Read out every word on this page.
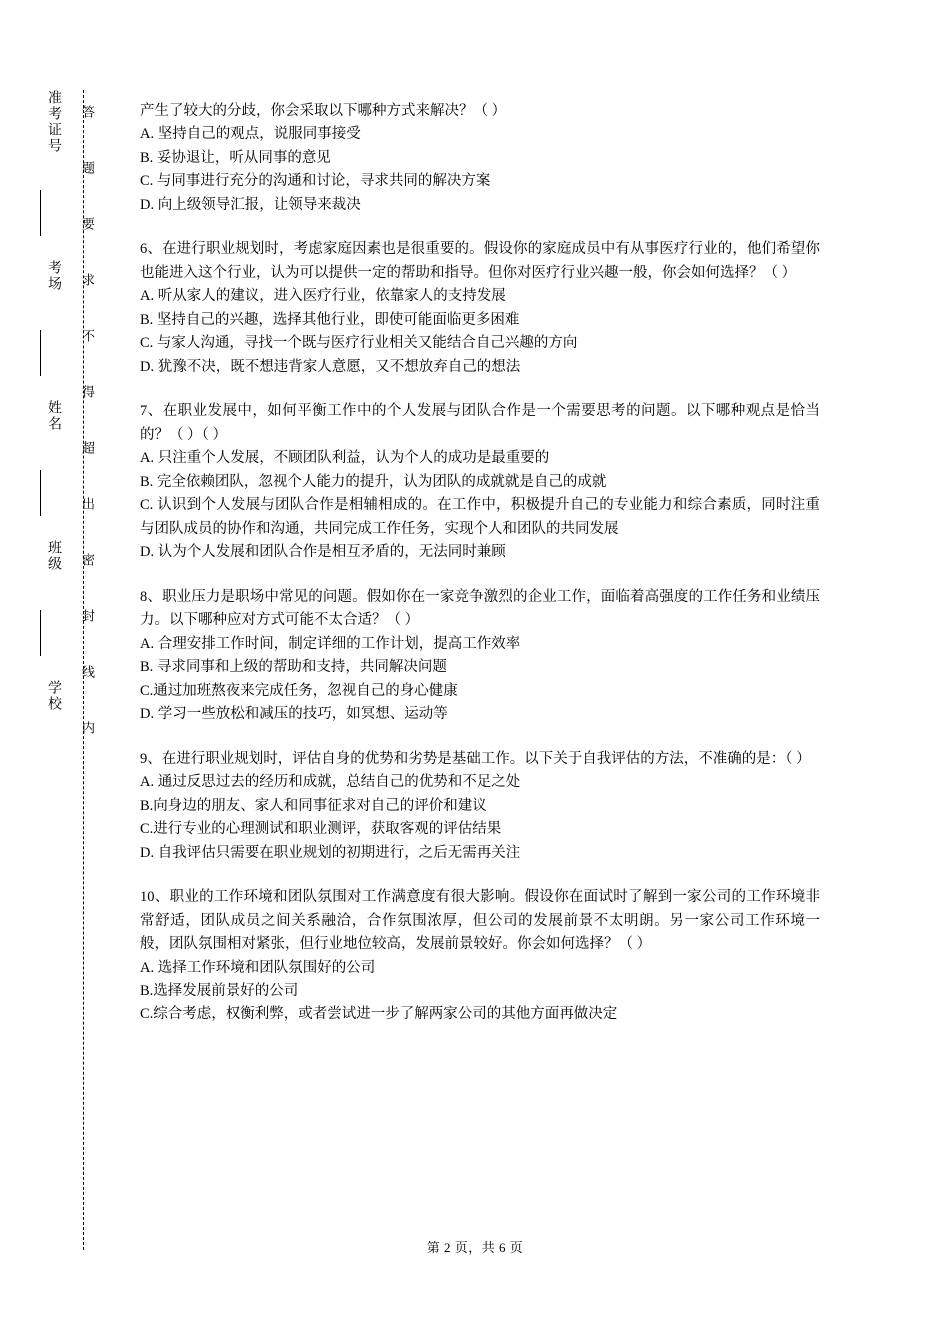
准考证号
考场
姓名
班级
学校	答 题 要 求 不 得 超 出 密 封 线 内	产生了较大的分歧，你会采取以下哪种方式来解决？（ ）
A. 坚持自己的观点，说服同事接受
B. 妥协退让，听从同事的意见
C. 与同事进行充分的沟通和讨论，寻求共同的解决方案
D. 向上级领导汇报，让领导来裁决
6、在进行职业规划时，考虑家庭因素也是很重要的。假设你的家庭成员中有从事医疗行业的，他们希望你也能进入这个行业，认为可以提供一定的帮助和指导。但你对医疗行业兴趣一般，你会如何选择？（ ）
A. 听从家人的建议，进入医疗行业，依靠家人的支持发展
B. 坚持自己的兴趣，选择其他行业，即使可能面临更多困难
C. 与家人沟通，寻找一个既与医疗行业相关又能结合自己兴趣的方向
D. 犹豫不决，既不想违背家人意愿，又不想放弃自己的想法
7、在职业发展中，如何平衡工作中的个人发展与团队合作是一个需要思考的问题。以下哪种观点是恰当的？（ ）（ ）
A. 只注重个人发展，不顾团队利益，认为个人的成功是最重要的
B. 完全依赖团队，忽视个人能力的提升，认为团队的成就就是自己的成就
C. 认识到个人发展与团队合作是相辅相成的。在工作中，积极提升自己的专业能力和综合素质，同时注重与团队成员的协作和沟通，共同完成工作任务，实现个人和团队的共同发展
D. 认为个人发展和团队合作是相互矛盾的，无法同时兼顾
8、职业压力是职场中常见的问题。假如你在一家竞争激烈的企业工作，面临着高强度的工作任务和业绩压力。以下哪种应对方式可能不太合适？（ ）
A. 合理安排工作时间，制定详细的工作计划，提高工作效率
B. 寻求同事和上级的帮助和支持，共同解决问题
C.通过加班熬夜来完成任务，忽视自己的身心健康
D. 学习一些放松和减压的技巧，如冥想、运动等
9、在进行职业规划时，评估自身的优势和劣势是基础工作。以下关于自我评估的方法，不准确的是：（ ）
A. 通过反思过去的经历和成就，总结自己的优势和不足之处
B.向身边的朋友、家人和同事征求对自己的评价和建议
C.进行专业的心理测试和职业测评，获取客观的评估结果
D. 自我评估只需要在职业规划的初期进行，之后无需再关注
10、职业的工作环境和团队氛围对工作满意度有很大影响。假设你在面试时了解到一家公司的工作环境非常舒适，团队成员之间关系融洽，合作氛围浓厚，但公司的发展前景不太明朗。另一家公司工作环境一般，团队氛围相对紧张，但行业地位较高，发展前景较好。你会如何选择？（ ）
A. 选择工作环境和团队氛围好的公司
B.选择发展前景好的公司
C.综合考虑，权衡利弊，或者尝试进一步了解两家公司的其他方面再做决定
第 2 页，共 6 页
